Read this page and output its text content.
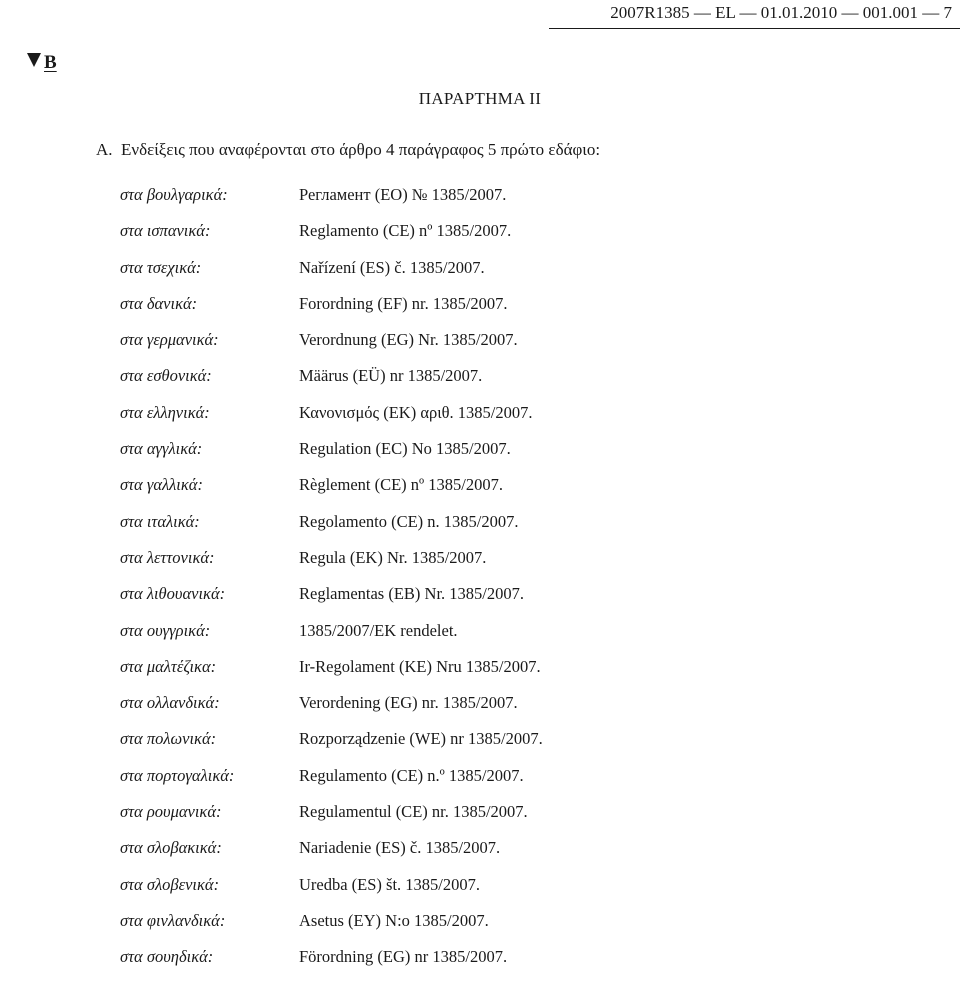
2007R1385 — EL — 01.01.2010 — 001.001 — 7
B
ΠΑΡΑΡΤΗΜΑ II
A. Ενδείξεις που αναφέρονται στο άρθρο 4 παράγραφος 5 πρώτο εδάφιο:
στα βουλγαρικά:	Регламент (ЕО) № 1385/2007.
στα ισπανικά:	Reglamento (CE) nº 1385/2007.
στα τσεχικά:	Nařízení (ES) č. 1385/2007.
στα δανικά:	Forordning (EF) nr. 1385/2007.
στα γερμανικά:	Verordnung (EG) Nr. 1385/2007.
στα εσθονικά:	Määrus (EÜ) nr 1385/2007.
στα ελληνικά:	Κανονισμός (ΕΚ) αριθ. 1385/2007.
στα αγγλικά:	Regulation (EC) No 1385/2007.
στα γαλλικά:	Règlement (CE) nº 1385/2007.
στα ιταλικά:	Regolamento (CE) n. 1385/2007.
στα λεττονικά:	Regula (EK) Nr. 1385/2007.
στα λιθουανικά:	Reglamentas (EB) Nr. 1385/2007.
στα ουγγρικά:	1385/2007/EK rendelet.
στα μαλτέζικα:	Ir-Regolament (KE) Nru 1385/2007.
στα ολλανδικά:	Verordening (EG) nr. 1385/2007.
στα πολωνικά:	Rozporządzenie (WE) nr 1385/2007.
στα πορτογαλικά:	Regulamento (CE) n.º 1385/2007.
στα ρουμανικά:	Regulamentul (CE) nr. 1385/2007.
στα σλοβακικά:	Nariadenie (ES) č. 1385/2007.
στα σλοβενικά:	Uredba (ES) št. 1385/2007.
στα φινλανδικά:	Asetus (EY) N:o 1385/2007.
στα σουηδικά:	Förordning (EG) nr 1385/2007.
